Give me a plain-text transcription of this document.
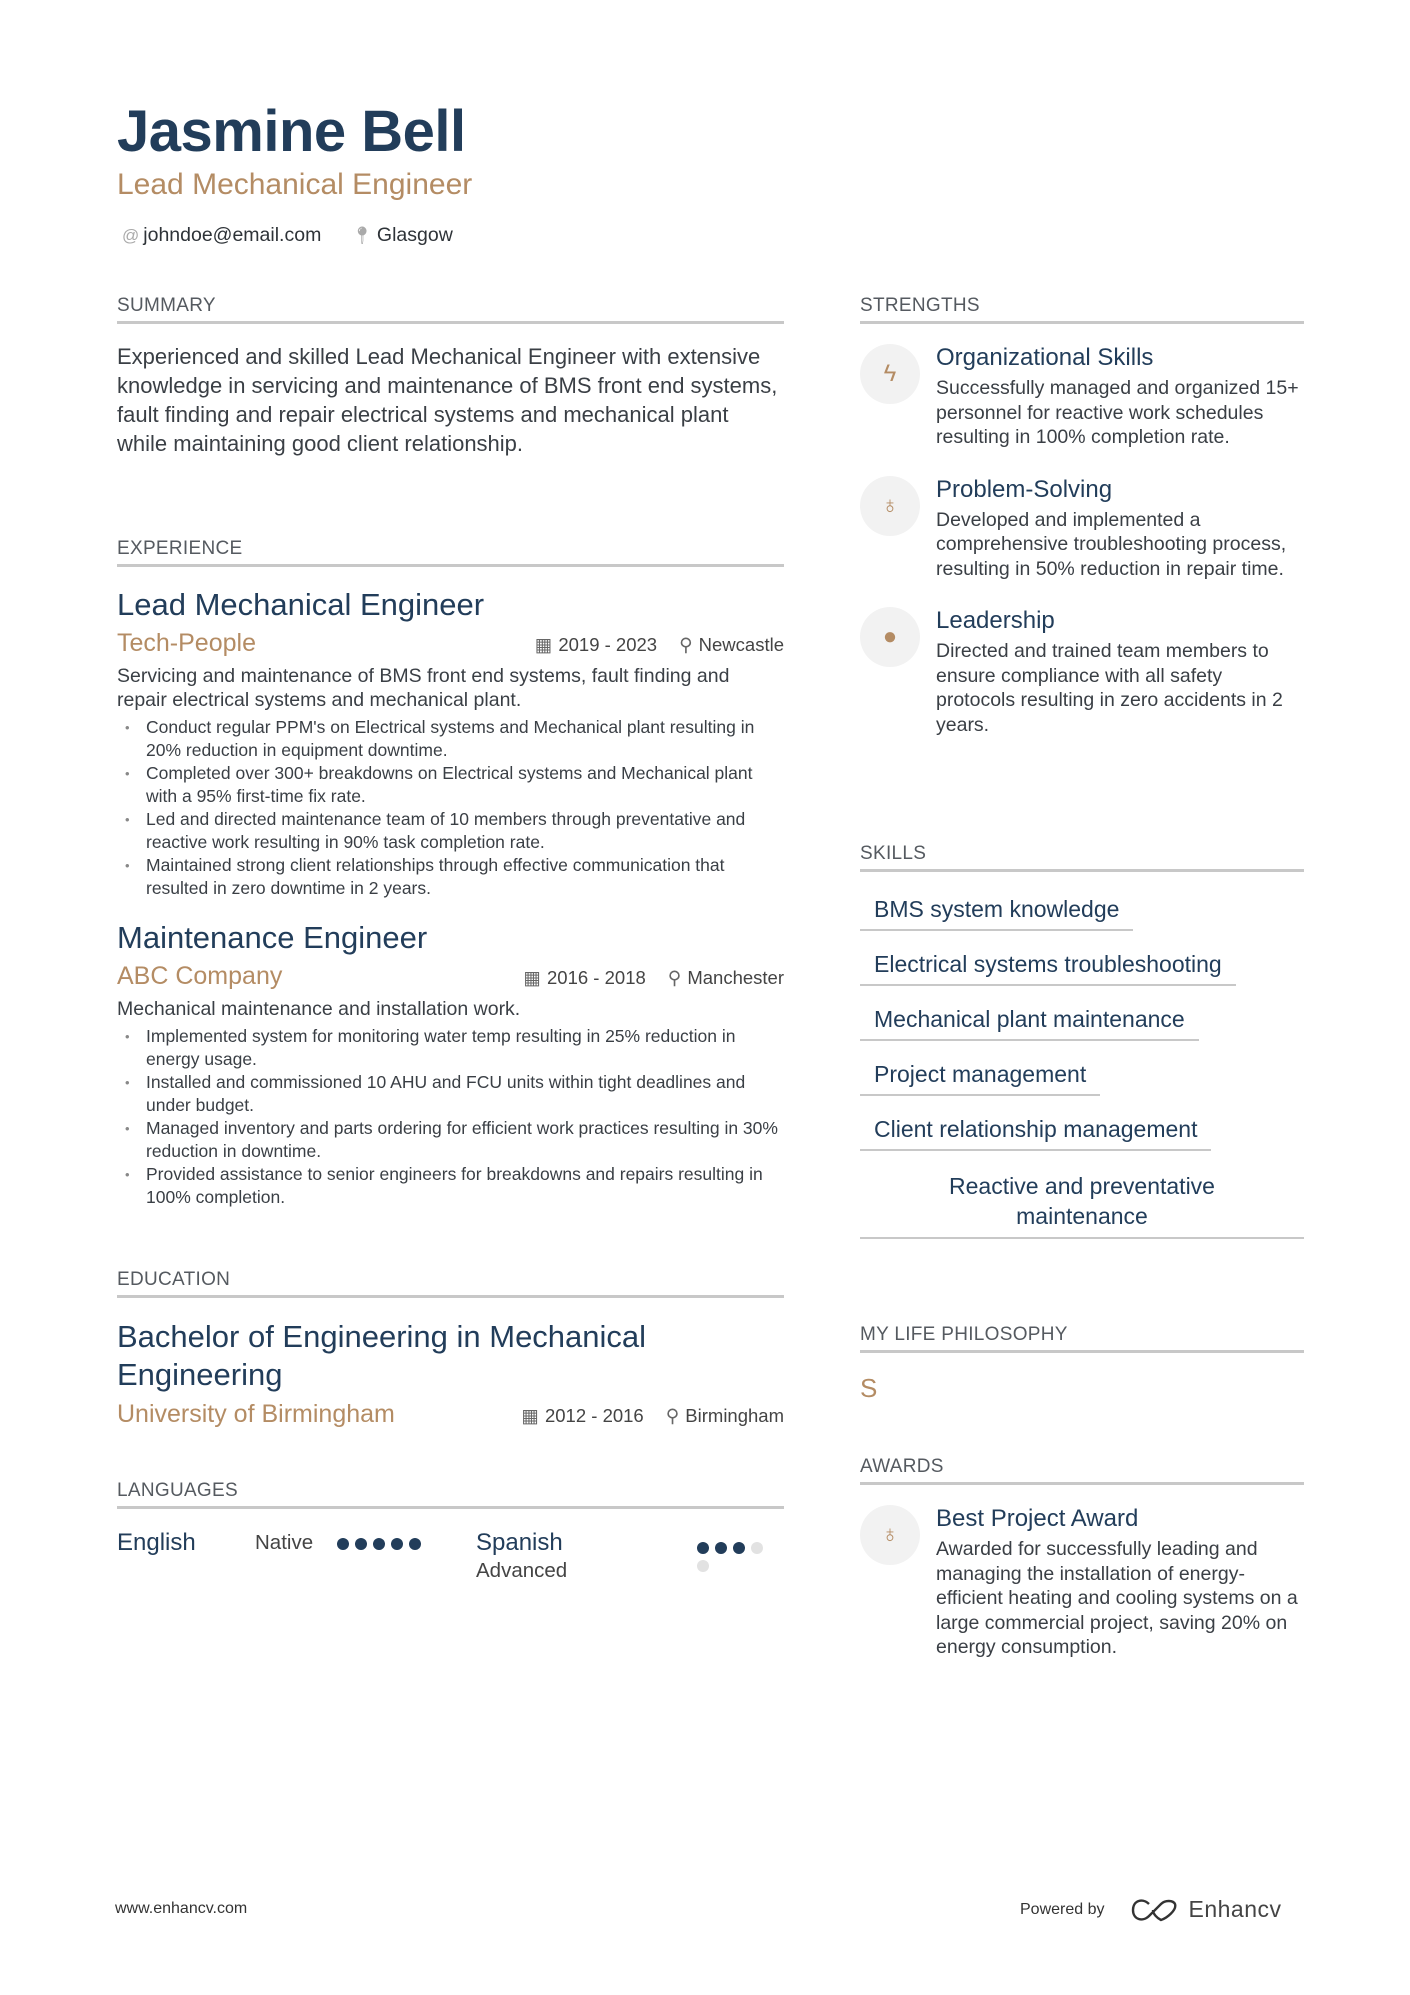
Jasmine Bell
Lead Mechanical Engineer
@ johndoe@email.com 📍︎ Glasgow
SUMMARY
Experienced and skilled Lead Mechanical Engineer with extensive knowledge in servicing and maintenance of BMS front end systems, fault finding and repair electrical systems and mechanical plant while maintaining good client relationship.
EXPERIENCE
Lead Mechanical Engineer
Tech-People	▦ 2019 - 2023 ⚲ Newcastle
Servicing and maintenance of BMS front end systems, fault finding and repair electrical systems and mechanical plant.
• Conduct regular PPM's on Electrical systems and Mechanical plant resulting in 20% reduction in equipment downtime.
• Completed over 300+ breakdowns on Electrical systems and Mechanical plant with a 95% first-time fix rate.
• Led and directed maintenance team of 10 members through preventative and reactive work resulting in 90% task completion rate.
• Maintained strong client relationships through effective communication that resulted in zero downtime in 2 years.
Maintenance Engineer
ABC Company	▦ 2016 - 2018 ⚲ Manchester
Mechanical maintenance and installation work.
• Implemented system for monitoring water temp resulting in 25% reduction in energy usage.
• Installed and commissioned 10 AHU and FCU units within tight deadlines and under budget.
• Managed inventory and parts ordering for efficient work practices resulting in 30% reduction in downtime.
• Provided assistance to senior engineers for breakdowns and repairs resulting in 100% completion.
EDUCATION
Bachelor of Engineering in Mechanical Engineering
University of Birmingham	▦ 2012 - 2016 ⚲ Birmingham
LANGUAGES
English	Native	Spanish
Advanced
STRENGTHS
ϟ
Organizational Skills
Successfully managed and organized 15+ personnel for reactive work schedules resulting in 100% completion rate.
♁
Problem-Solving
Developed and implemented a comprehensive troubleshooting process, resulting in 50% reduction in repair time.
●
Leadership
Directed and trained team members to ensure compliance with all safety protocols resulting in zero accidents in 2 years.
SKILLS
BMS system knowledge
Electrical systems troubleshooting
Mechanical plant maintenance
Project management
Client relationship management
Reactive and preventative maintenance
MY LIFE PHILOSOPHY
S
AWARDS
♁
Best Project Award
Awarded for successfully leading and managing the installation of energy-efficient heating and cooling systems on a large commercial project, saving 20% on energy consumption.
www.enhancv.com	Powered by	Enhancv
